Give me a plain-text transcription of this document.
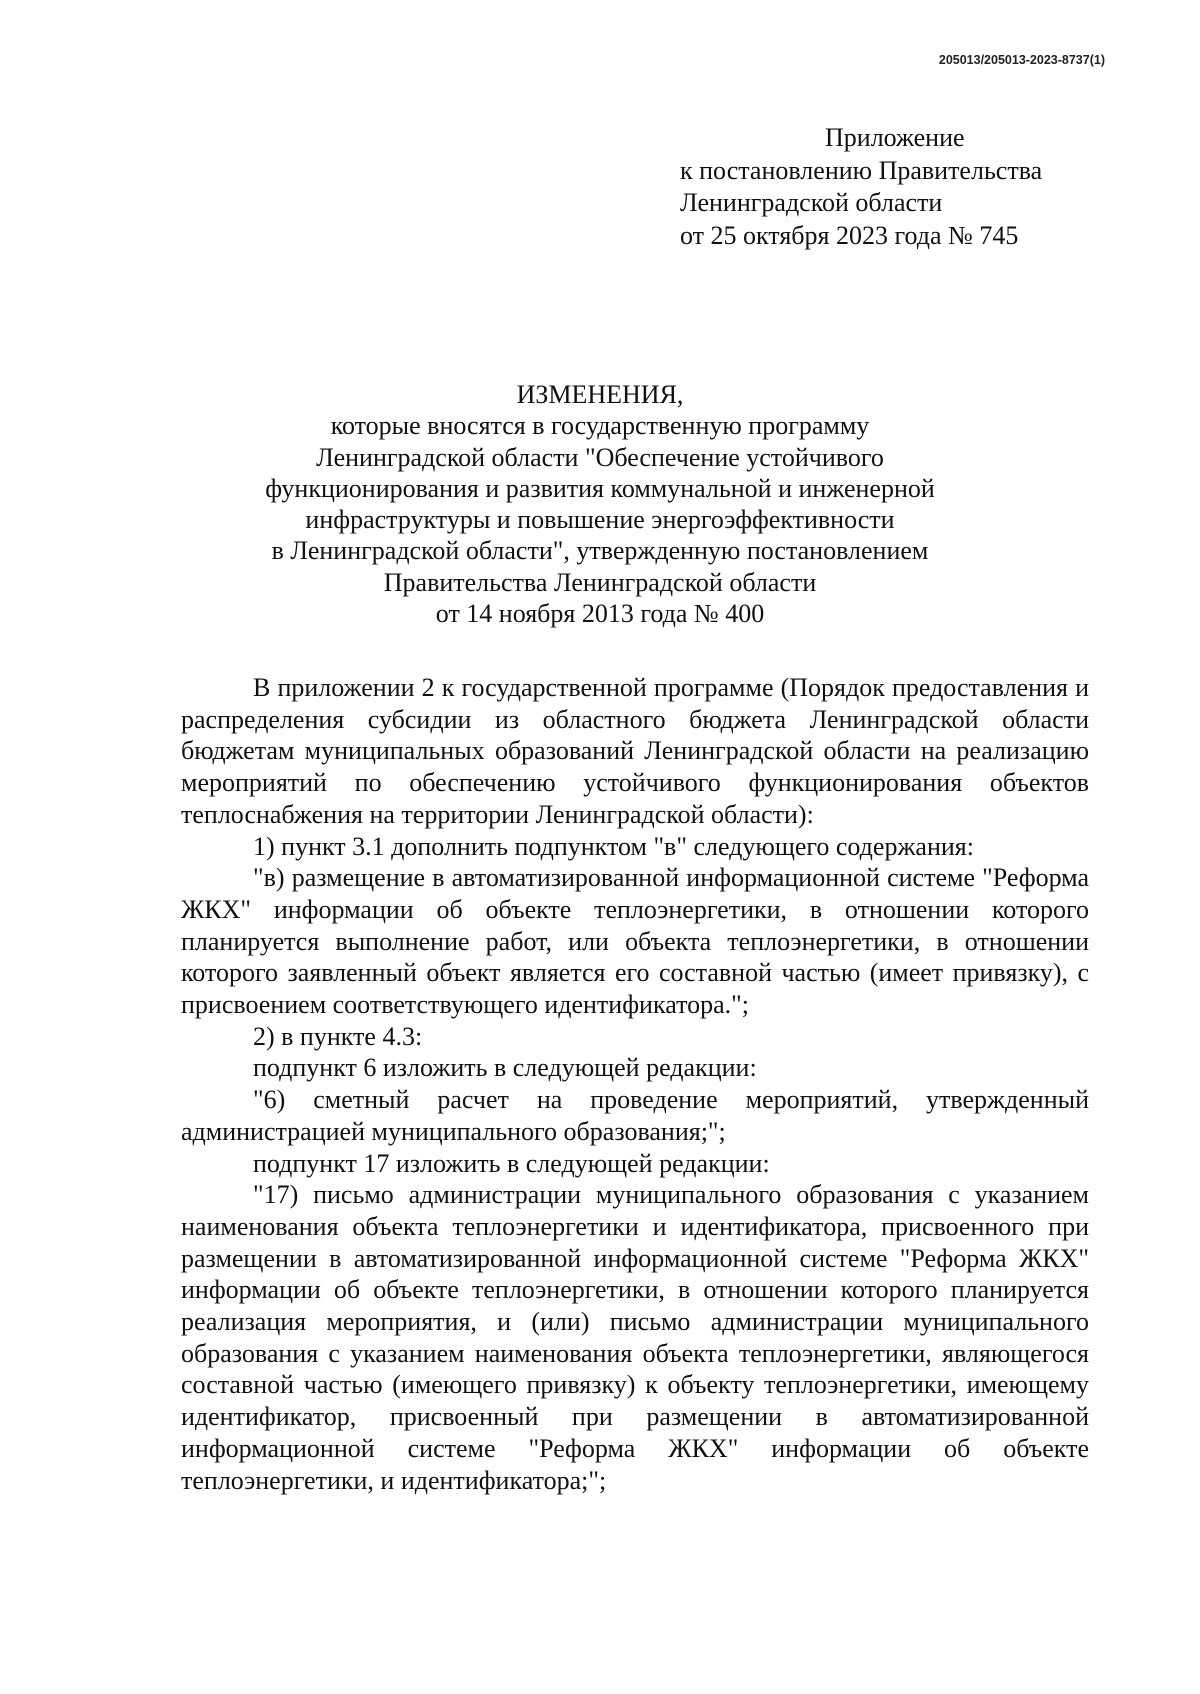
205013/205013-2023-8737(1)
Приложение
к постановлению Правительства
Ленинградской области
от 25 октября 2023 года № 745
ИЗМЕНЕНИЯ,
которые вносятся в государственную программу
Ленинградской области "Обеспечение устойчивого
функционирования и развития коммунальной и инженерной
инфраструктуры и повышение энергоэффективности
в Ленинградской области", утвержденную постановлением
Правительства Ленинградской области
от 14 ноября 2013 года № 400

В приложении 2 к государственной программе (Порядок предоставления и распределения субсидии из областного бюджета Ленинградской области бюджетам муниципальных образований Ленинградской области на реализацию мероприятий по обеспечению устойчивого функционирования объектов теплоснабжения на территории Ленинградской области):

1) пункт 3.1 дополнить подпунктом "в" следующего содержания:

"в) размещение в автоматизированной информационной системе "Реформа ЖКХ" информации об объекте теплоэнергетики, в отношении которого планируется выполнение работ, или объекта теплоэнергетики, в отношении которого заявленный объект является его составной частью (имеет привязку), с присвоением соответствующего идентификатора.";

2) в пункте 4.3:

подпункт 6 изложить в следующей редакции:

"6) сметный расчет на проведение мероприятий, утвержденный администрацией муниципального образования;";

подпункт 17 изложить в следующей редакции:

"17) письмо администрации муниципального образования с указанием наименования объекта теплоэнергетики и идентификатора, присвоенного при размещении в автоматизированной информационной системе "Реформа ЖКХ" информации об объекте теплоэнергетики, в отношении которого планируется реализация мероприятия, и (или) письмо администрации муниципального образования с указанием наименования объекта теплоэнергетики, являющегося составной частью (имеющего привязку) к объекту теплоэнергетики, имеющему идентификатор, присвоенный при размещении в автоматизированной информационной системе "Реформа ЖКХ" информации об объекте теплоэнергетики, и идентификатора;";
